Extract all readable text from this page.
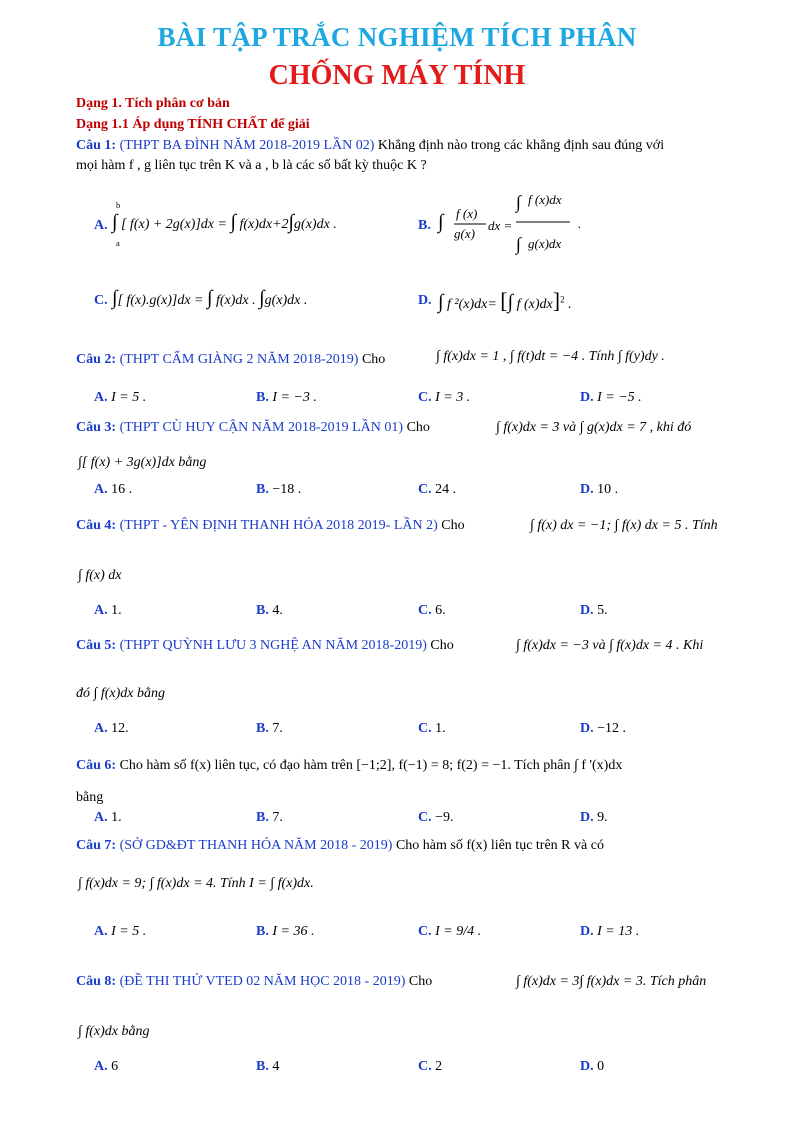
BÀI TẬP TRẮC NGHIỆM TÍCH PHÂN
CHỐNG MÁY TÍNH
Dạng 1. Tích phân cơ bản
Dạng 1.1 Áp dụng TÍNH CHẤT để giải
Câu 1: (THPT BA ĐÌNH NĂM 2018-2019 LẦN 02) Khẳng định nào trong các khẳng định sau đúng với
mọi hàm f , g liên tục trên K và a , b là các số bất kỳ thuộc K ?
A. ∫
b
a
[ f(x) + 2g(x)]dx = ∫ f(x)dx+2∫g(x)dx .	B. ∫ f (x)
g(x)
dx =
∫ f (x)dx
∫ g(x)dx
.
C. ∫[ f(x).g(x)]dx = ∫ f(x)dx . ∫g(x)dx .	D. ∫ f ²(x)dx= [∫ f (x)dx]$^2$ .
Câu 2: (THPT CẨM GIÀNG 2 NĂM 2018-2019) Cho	∫ f(x)dx = 1 , ∫ f(t)dt = −4 . Tính ∫ f(y)dy .
A. I = 5 .	B. I = −3 .	C. I = 3 .	D. I = −5 .
Câu 3: (THPT CÙ HUY CẬN NĂM 2018-2019 LẦN 01) Cho	∫ f(x)dx = 3 và ∫ g(x)dx = 7 , khi đó
∫[ f(x) + 3g(x)]dx bằng
A. 16 .	B. −18 .	C. 24 .	D. 10 .
Câu 4: (THPT - YÊN ĐỊNH THANH HÓA 2018 2019- LẦN 2) Cho	∫ f(x) dx = −1; ∫ f(x) dx = 5 . Tính
∫ f(x) dx
A. 1.	B. 4.	C. 6.	D. 5.
Câu 5: (THPT QUỲNH LƯU 3 NGHỆ AN NĂM 2018-2019) Cho	∫ f(x)dx = −3 và ∫ f(x)dx = 4 . Khi
đó ∫ f(x)dx bằng
A. 12.	B. 7.	C. 1.	D. −12 .
Câu 6: Cho hàm số f(x) liên tục, có đạo hàm trên [−1;2], f(−1) = 8; f(2) = −1. Tích phân ∫ f '(x)dx
bằng
A. 1.	B. 7.	C. −9.	D. 9.
Câu 7: (SỞ GD&ĐT THANH HÓA NĂM 2018 - 2019) Cho hàm số f(x) liên tục trên R và có
∫ f(x)dx = 9; ∫ f(x)dx = 4. Tính I = ∫ f(x)dx.
A. I = 5 .	B. I = 36 .	C. I = 9/4 .	D. I = 13 .
Câu 8: (ĐỀ THI THỬ VTED 02 NĂM HỌC 2018 - 2019) Cho	∫ f(x)dx = 3∫ f(x)dx = 3. Tích phân
∫ f(x)dx bằng
A. 6	B. 4	C. 2	D. 0
